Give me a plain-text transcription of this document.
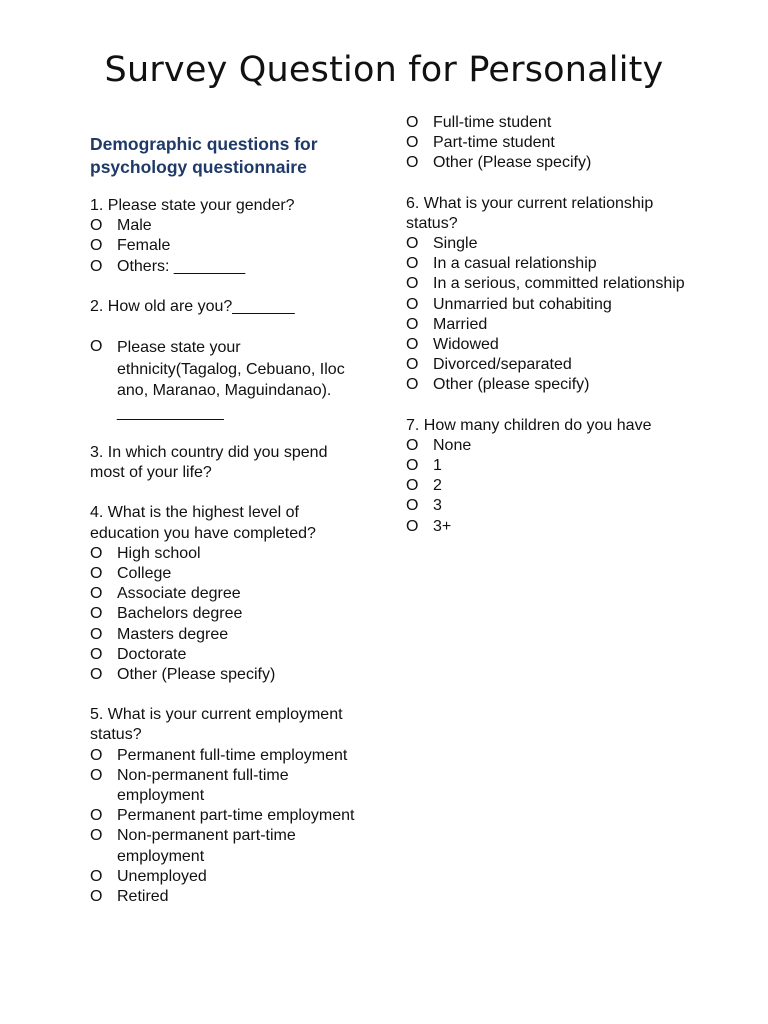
Survey Question for Personality
Demographic questions for psychology questionnaire

1. Please state your gender?

O Male
O Female
O Others: ________

2. How old are you?_______

O Please state your ethnicity(Tagalog, Cebuano, Iloc ano, Maranao, Maguindanao). ____________

3. In which country did you spend most of your life?

4. What is the highest level of education you have completed?

O High school
O College
O Associate degree
O Bachelors degree
O Masters degree
O Doctorate
O Other (Please specify)

5. What is your current employment status?

O Permanent full-time employment
O Non-permanent full-time employment
O Permanent part-time employment
O Non-permanent part-time employment
O Unemployed
O Retired
O Full-time student
O Part-time student
O Other (Please specify)

6. What is your current relationship status?

O Single
O In a casual relationship
O In a serious, committed relationship
O Unmarried but cohabiting
O Married
O Widowed
O Divorced/separated
O Other (please specify)

7. How many children do you have

O None
O 1
O 2
O 3
O 3+
